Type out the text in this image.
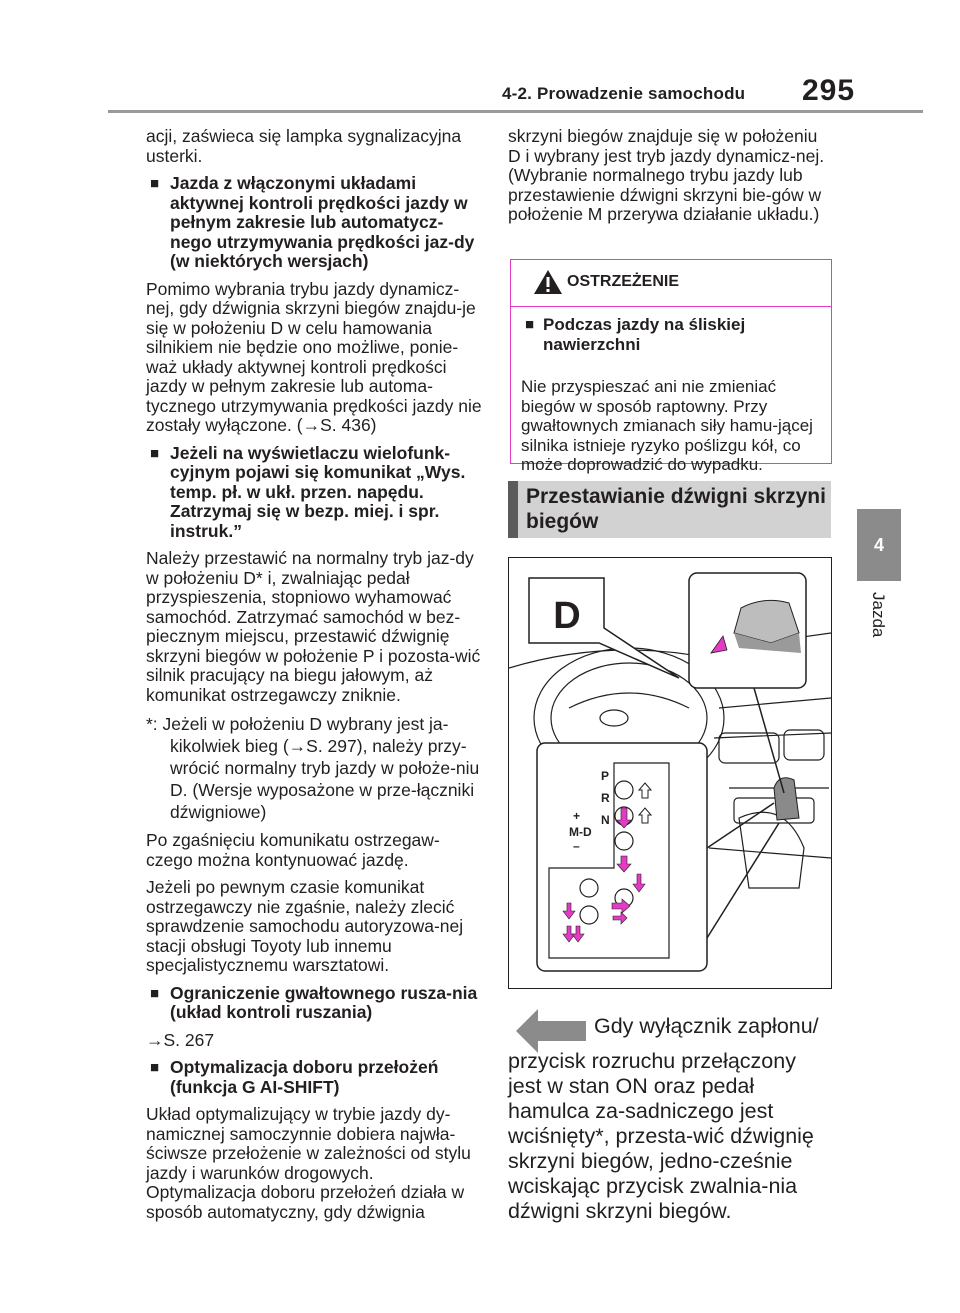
4-2. Prowadzenie samochodu 295
4
Jazda

acji, zaświeca się lampka sygnalizacyjna usterki.

■ Jazda z włączonymi układami aktywnej kontroli prędkości jazdy w pełnym zakresie lub automatycz-nego utrzymywania prędkości jaz-dy (w niektórych wersjach)

Pomimo wybrania trybu jazdy dynamicz-nej, gdy dźwignia skrzyni biegów znajdu-je się w położeniu D w celu hamowania silnikiem nie będzie ono możliwe, ponie-waż układy aktywnej kontroli prędkości jazdy w pełnym zakresie lub automa-tycznego utrzymywania prędkości jazdy nie zostały wyłączone. (→S. 436)

■ Jeżeli na wyświetlaczu wielofunk-cyjnym pojawi się komunikat „Wys. temp. pł. w ukł. przen. napędu. Zatrzymaj się w bezp. miej. i spr. instruk.”

Należy przestawić na normalny tryb jaz-dy w położeniu D* i, zwalniając pedał przyspieszenia, stopniowo wyhamować samochód. Zatrzymać samochód w bez-piecznym miejscu, przestawić dźwignię skrzyni biegów w położenie P i pozosta-wić silnik pracujący na biegu jałowym, aż komunikat ostrzegawczy zniknie.

*: Jeżeli w położeniu D wybrany jest ja-kikolwiek bieg (→S. 297), należy przy-wrócić normalny tryb jazdy w położe-niu D. (Wersje wyposażone w prze-łączniki dźwigniowe)

Po zgaśnięciu komunikatu ostrzegaw-czego można kontynuować jazdę.

Jeżeli po pewnym czasie komunikat ostrzegawczy nie zgaśnie, należy zlecić sprawdzenie samochodu autoryzowa-nej stacji obsługi Toyoty lub innemu specjalistycznemu warsztatowi.

■ Ograniczenie gwałtownego rusza-nia (układ kontroli ruszania)

→S. 267

■ Optymalizacja doboru przełożeń (funkcja G AI-SHIFT)

Układ optymalizujący w trybie jazdy dy-namicznej samoczynnie dobiera najwła-ściwsze przełożenie w zależności od stylu jazdy i warunków drogowych. Optymalizacja doboru przełożeń działa w sposób automatyczny, gdy dźwignia

skrzyni biegów znajduje się w położeniu D i wybrany jest tryb jazdy dynamicz-nej. (Wybranie normalnego trybu jazdy lub przestawienie dźwigni skrzyni bie-gów w położenie M przerywa działanie układu.)

OSTRZEŻENIE

■ Podczas jazdy na śliskiej nawierzchni

Nie przyspieszać ani nie zmieniać biegów w sposób raptowny. Przy gwałtownych zmianach siły hamu-jącej silnika istnieje ryzyko poślizgu kół, co może doprowadzić do wypadku.

Przestawianie dźwigni skrzyni biegów
D
P
R
N
+
M-D
–
Gdy wyłącznik zapłonu/
przycisk rozruchu przełączony jest w stan ON oraz pedał hamulca za-sadniczego jest wciśnięty*, przesta-wić dźwignię skrzyni biegów, jedno-cześnie wciskając przycisk zwalnia-nia dźwigni skrzyni biegów.
